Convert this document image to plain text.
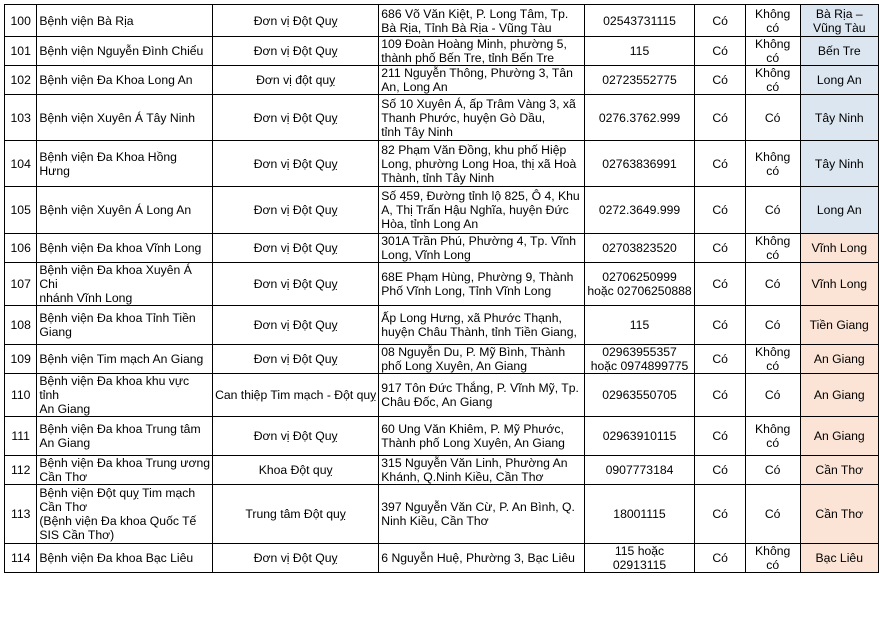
100	Bệnh viện Bà Rịa	Đơn vị Đột Quỵ	686 Võ Văn Kiệt, P. Long Tâm, Tp.
Bà Rịa, Tỉnh Bà Rịa - Vũng Tàu	02543731115	Có	Không
có	Bà Rịa –
Vũng Tàu
101	Bệnh viện Nguyễn Đình Chiểu	Đơn vị Đột Quỵ	109 Đoàn Hoàng Minh, phường 5,
thành phố Bến Tre, tỉnh Bến Tre	115	Có	Không
có	Bến Tre
102	Bệnh viện Đa Khoa Long An	Đơn vị đột quỵ	211 Nguyễn Thông, Phường 3, Tân
An, Long An	02723552775	Có	Không có	Long An
103	Bệnh viện Xuyên Á Tây Ninh	Đơn vị Đột Quỵ	Số 10 Xuyên Á, ấp Trâm Vàng 3, xã
Thanh Phước, huyện Gò Dầu,
tỉnh Tây Ninh	0276.3762.999	Có	Có	Tây Ninh
104	Bệnh viện Đa Khoa Hồng Hưng	Đơn vị Đột Quỵ	82 Phạm Văn Đồng, khu phố Hiệp
Long, phường Long Hoa, thị xã Hoà
Thành, tỉnh Tây Ninh	02763836991	Có	Không có	Tây Ninh
105	Bệnh viện Xuyên Á Long An	Đơn vị Đột Quỵ	Số 459, Đường tỉnh lộ 825, Ô 4, Khu
A, Thị Trấn Hậu Nghĩa, huyện Đức
Hòa, tỉnh Long An	0272.3649.999	Có	Có	Long An
106	Bệnh viện Đa khoa Vĩnh Long	Đơn vị Đột Quỵ	301A Trần Phú, Phường 4, Tp. Vĩnh
Long, Vĩnh Long	02703823520	Có	Không
có	Vĩnh Long
107	Bệnh viện Đa khoa Xuyên Á Chi
nhánh Vĩnh Long	Đơn vị Đột Quỵ	68E Phạm Hùng, Phường 9, Thành
Phố Vĩnh Long, Tỉnh Vĩnh Long	02706250999
hoặc 02706250888	Có	Có	Vĩnh Long
108	Bệnh viện Đa khoa Tỉnh Tiền
Giang	Đơn vị Đột Quỵ	Ấp Long Hưng, xã Phước Thạnh,
huyện Châu Thành, tỉnh Tiền Giang,	115	Có	Có	Tiền Giang
109	Bệnh viện Tim mạch An Giang	Đơn vị Đột Quỵ	08 Nguyễn Du, P. Mỹ Bình, Thành
phố Long Xuyên, An Giang	02963955357
hoặc 0974899775	Có	Không
có	An Giang
110	Bệnh viện Đa khoa khu vực tỉnh
An Giang	Can thiệp Tim mạch - Đột quỵ	917 Tôn Đức Thắng, P. Vĩnh Mỹ, Tp.
Châu Đốc, An Giang	02963550705	Có	Có	An Giang
111	Bệnh viện Đa khoa Trung tâm
An Giang	Đơn vị Đột Quỵ	60 Ung Văn Khiêm, P. Mỹ Phước,
Thành phố Long Xuyên, An Giang	02963910115	Có	Không
có	An Giang
112	Bệnh viện Đa khoa Trung ương
Cần Thơ	Khoa Đột quỵ	315 Nguyễn Văn Linh, Phường An
Khánh, Q.Ninh Kiều, Cần Thơ	0907773184	Có	Có	Cần Thơ
113	Bệnh viện Đột quỵ Tim mạch
Cần Thơ
(Bệnh viện Đa khoa Quốc Tế
SIS Cần Thơ)	Trung tâm Đột quỵ	397 Nguyễn Văn Cừ, P. An Bình, Q.
Ninh Kiều, Cần Thơ	18001115	Có	Có	Cần Thơ
114	Bệnh viện Đa khoa Bạc Liêu	Đơn vị Đột Quỵ	6 Nguyễn Huệ, Phường 3, Bạc Liêu	115 hoặc
02913115	Có	Không
có	Bạc Liêu
